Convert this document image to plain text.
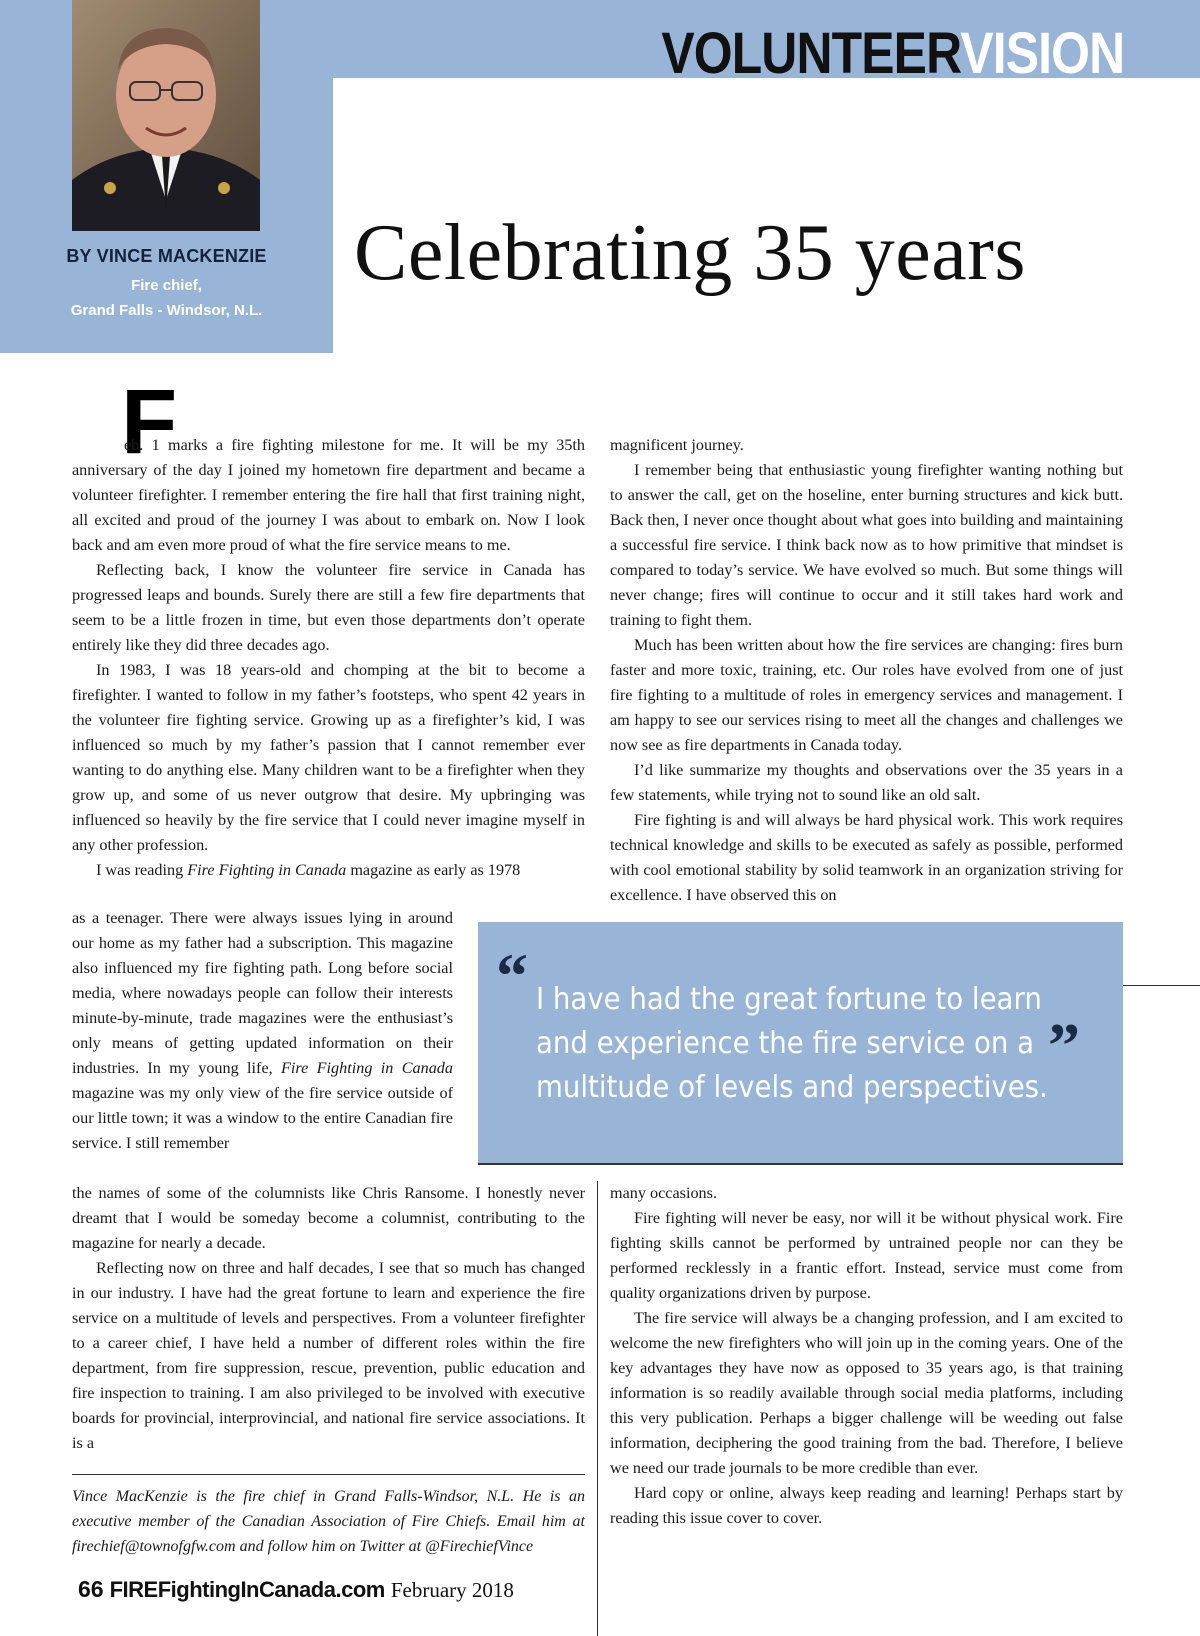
BY VINCE MACKENZIE
Fire chief,
Grand Falls - Windsor, N.L.
VOLUNTEERVISION
Celebrating 35 years
F

eb. 1 marks a fire fighting milestone for me. It will be my 35th anniversary of the day I joined my hometown fire department and became a volunteer firefighter. I remember entering the fire hall that first training night, all excited and proud of the journey I was about to embark on. Now I look back and am even more proud of what the fire service means to me.

Reflecting back, I know the volunteer fire service in Canada has progressed leaps and bounds. Surely there are still a few fire departments that seem to be a little frozen in time, but even those departments don’t operate entirely like they did three decades ago.

In 1983, I was 18 years-old and chomping at the bit to become a firefighter. I wanted to follow in my father’s footsteps, who spent 42 years in the volunteer fire fighting service. Growing up as a firefighter’s kid, I was influenced so much by my father’s passion that I cannot remember ever wanting to do anything else. Many children want to be a firefighter when they grow up, and some of us never outgrow that desire. My upbringing was influenced so heavily by the fire service that I could never imagine myself in any other profession.

I was reading Fire Fighting in Canada magazine as early as 1978

as a teenager. There were always issues lying in around our home as my father had a subscription. This magazine also influenced my fire fighting path. Long before social media, where nowadays people can follow their interests minute-by-minute, trade magazines were the enthusiast’s only means of getting updated information on their industries. In my young life, Fire Fighting in Canada magazine was my only view of the fire service outside of our little town; it was a window to the entire Canadian fire service. I still remember

the names of some of the columnists like Chris Ransome. I honestly never dreamt that I would be someday become a columnist, contributing to the magazine for nearly a decade.

Reflecting now on three and half decades, I see that so much has changed in our industry. I have had the great fortune to learn and experience the fire service on a multitude of levels and perspectives. From a volunteer firefighter to a career chief, I have held a number of different roles within the fire department, from fire suppression, rescue, prevention, public education and fire inspection to training. I am also privileged to be involved with executive boards for provincial, interprovincial, and national fire service associations. It is a

magnificent journey.

I remember being that enthusiastic young firefighter wanting nothing but to answer the call, get on the hoseline, enter burning structures and kick butt. Back then, I never once thought about what goes into building and maintaining a successful fire service. I think back now as to how primitive that mindset is compared to today’s service. We have evolved so much. But some things will never change; fires will continue to occur and it still takes hard work and training to fight them.

Much has been written about how the fire services are changing: fires burn faster and more toxic, training, etc. Our roles have evolved from one of just fire fighting to a multitude of roles in emergency services and management. I am happy to see our services rising to meet all the changes and challenges we now see as fire departments in Canada today.

I’d like summarize my thoughts and observations over the 35 years in a few statements, while trying not to sound like an old salt.

Fire fighting is and will always be hard physical work. This work requires technical knowledge and skills to be executed as safely as possible, performed with cool emotional stability by solid teamwork in an organization striving for excellence. I have observed this on

“ I have had the great fortune to learn and experience the fire service on a multitude of levels and perspectives.
”

many occasions.

Fire fighting will never be easy, nor will it be without physical work. Fire fighting skills cannot be performed by untrained people nor can they be performed recklessly in a frantic effort. Instead, service must come from quality organizations driven by purpose.

The fire service will always be a changing profession, and I am excited to welcome the new firefighters who will join up in the coming years. One of the key advantages they have now as opposed to 35 years ago, is that training information is so readily available through social media platforms, including this very publication. Perhaps a bigger challenge will be weeding out false information, deciphering the good training from the bad. Therefore, I believe we need our trade journals to be more credible than ever.

Hard copy or online, always keep reading and learning! Perhaps start by reading this issue cover to cover.

Vince MacKenzie is the fire chief in Grand Falls-Windsor, N.L. He is an executive member of the Canadian Association of Fire Chiefs. Email him at firechief@townofgfw.com and follow him on Twitter at @FirechiefVince
66 FIREFightingInCanada.com February 2018
